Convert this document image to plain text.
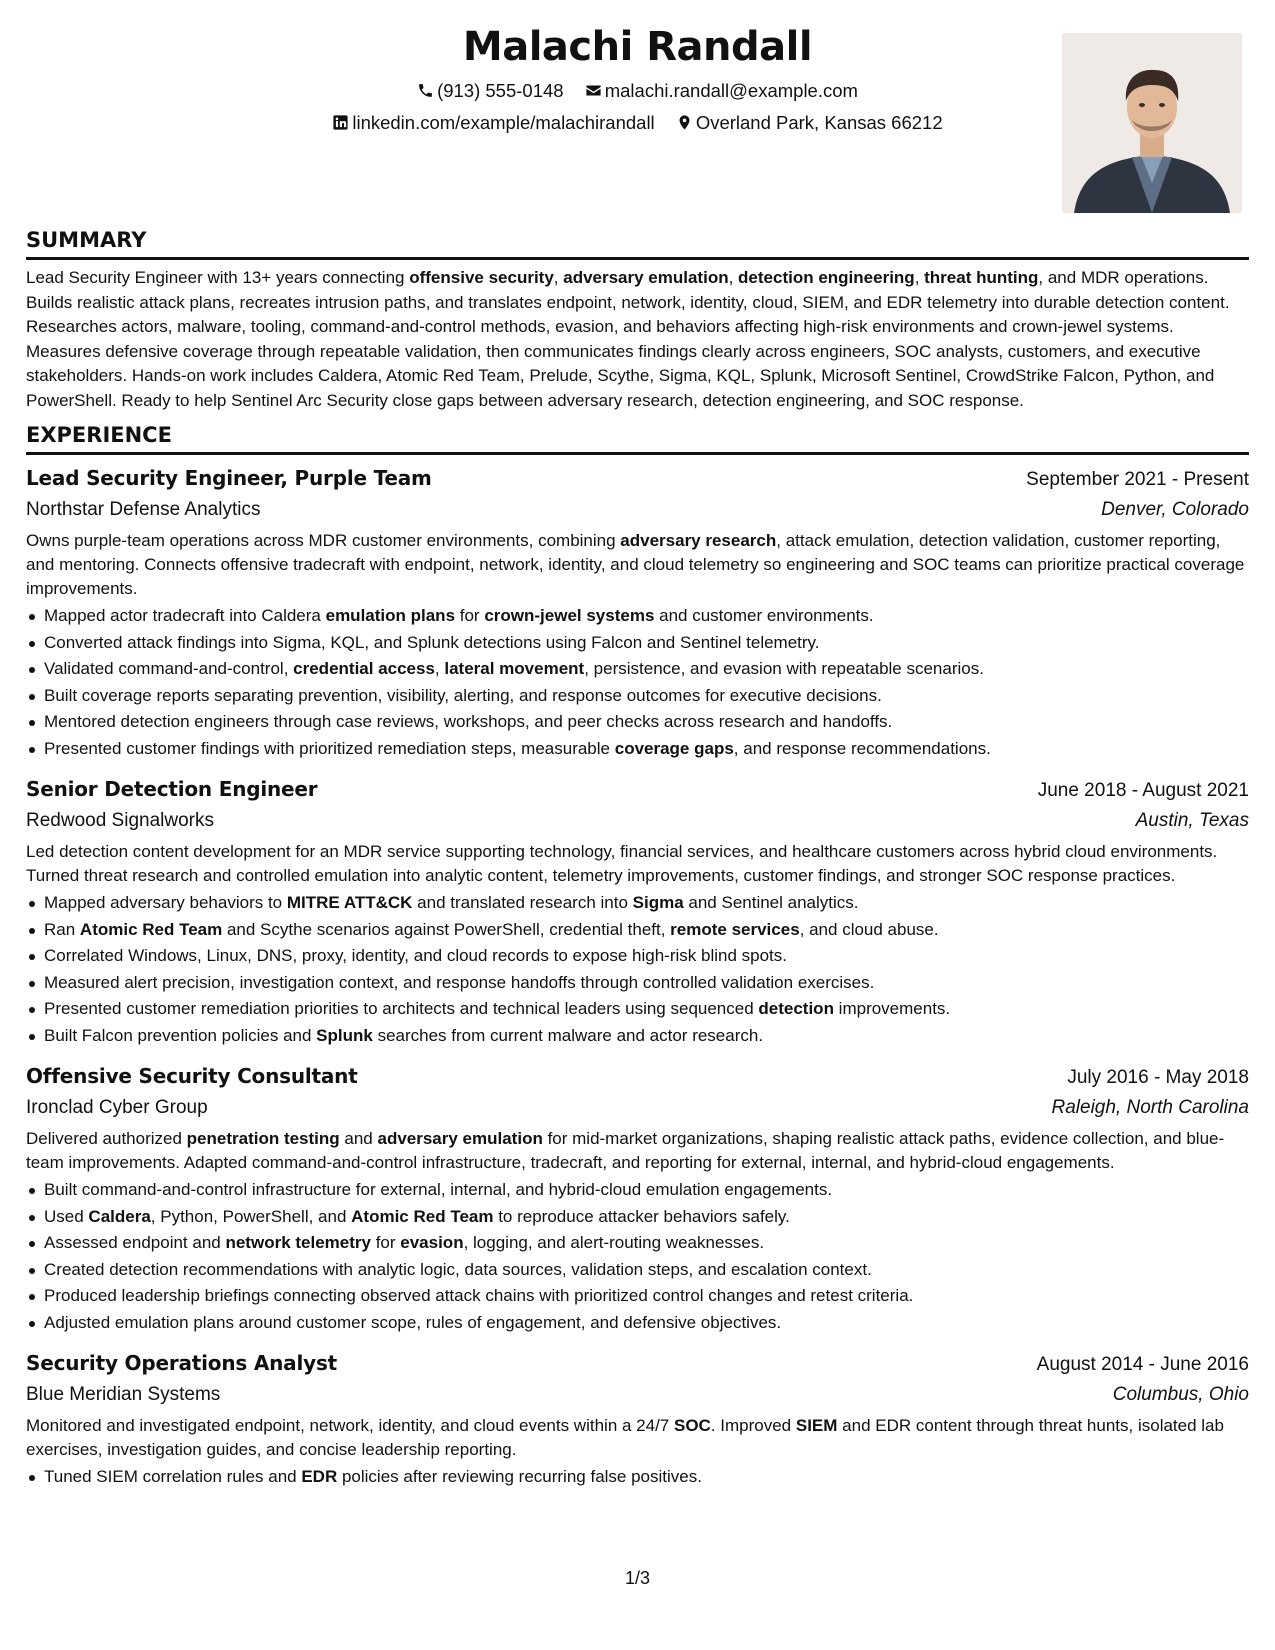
Malachi Randall
(913) 555-0148 malachi.randall@example.com
linkedin.com/example/malachirandall Overland Park, Kansas 66212
SUMMARY

Lead Security Engineer with 13+ years connecting offensive security, adversary emulation, detection engineering, threat hunting, and MDR operations. Builds realistic attack plans, recreates intrusion paths, and translates endpoint, network, identity, cloud, SIEM, and EDR telemetry into durable detection content. Researches actors, malware, tooling, command-and-control methods, evasion, and behaviors affecting high-risk environments and crown-jewel systems. Measures defensive coverage through repeatable validation, then communicates findings clearly across engineers, SOC analysts, customers, and executive stakeholders. Hands-on work includes Caldera, Atomic Red Team, Prelude, Scythe, Sigma, KQL, Splunk, Microsoft Sentinel, CrowdStrike Falcon, Python, and PowerShell. Ready to help Sentinel Arc Security close gaps between adversary research, detection engineering, and SOC response.

EXPERIENCE
Lead Security Engineer, Purple Team	September 2021 - Present
Northstar Defense Analytics	Denver, Colorado

Owns purple-team operations across MDR customer environments, combining adversary research, attack emulation, detection validation, customer reporting, and mentoring. Connects offensive tradecraft with endpoint, network, identity, and cloud telemetry so engineering and SOC teams can prioritize practical coverage improvements.

Mapped actor tradecraft into Caldera emulation plans for crown-jewel systems and customer environments.
Converted attack findings into Sigma, KQL, and Splunk detections using Falcon and Sentinel telemetry.
Validated command-and-control, credential access, lateral movement, persistence, and evasion with repeatable scenarios.
Built coverage reports separating prevention, visibility, alerting, and response outcomes for executive decisions.
Mentored detection engineers through case reviews, workshops, and peer checks across research and handoffs.
Presented customer findings with prioritized remediation steps, measurable coverage gaps, and response recommendations.
Senior Detection Engineer	June 2018 - August 2021
Redwood Signalworks	Austin, Texas

Led detection content development for an MDR service supporting technology, financial services, and healthcare customers across hybrid cloud environments. Turned threat research and controlled emulation into analytic content, telemetry improvements, customer findings, and stronger SOC response practices.

Mapped adversary behaviors to MITRE ATT&CK and translated research into Sigma and Sentinel analytics.
Ran Atomic Red Team and Scythe scenarios against PowerShell, credential theft, remote services, and cloud abuse.
Correlated Windows, Linux, DNS, proxy, identity, and cloud records to expose high-risk blind spots.
Measured alert precision, investigation context, and response handoffs through controlled validation exercises.
Presented customer remediation priorities to architects and technical leaders using sequenced detection improvements.
Built Falcon prevention policies and Splunk searches from current malware and actor research.
Offensive Security Consultant	July 2016 - May 2018
Ironclad Cyber Group	Raleigh, North Carolina

Delivered authorized penetration testing and adversary emulation for mid-market organizations, shaping realistic attack paths, evidence collection, and blue-team improvements. Adapted command-and-control infrastructure, tradecraft, and reporting for external, internal, and hybrid-cloud engagements.

Built command-and-control infrastructure for external, internal, and hybrid-cloud emulation engagements.
Used Caldera, Python, PowerShell, and Atomic Red Team to reproduce attacker behaviors safely.
Assessed endpoint and network telemetry for evasion, logging, and alert-routing weaknesses.
Created detection recommendations with analytic logic, data sources, validation steps, and escalation context.
Produced leadership briefings connecting observed attack chains with prioritized control changes and retest criteria.
Adjusted emulation plans around customer scope, rules of engagement, and defensive objectives.
Security Operations Analyst	August 2014 - June 2016
Blue Meridian Systems	Columbus, Ohio

Monitored and investigated endpoint, network, identity, and cloud events within a 24/7 SOC. Improved SIEM and EDR content through threat hunts, isolated lab exercises, investigation guides, and concise leadership reporting.

Tuned SIEM correlation rules and EDR policies after reviewing recurring false positives.
1/3
